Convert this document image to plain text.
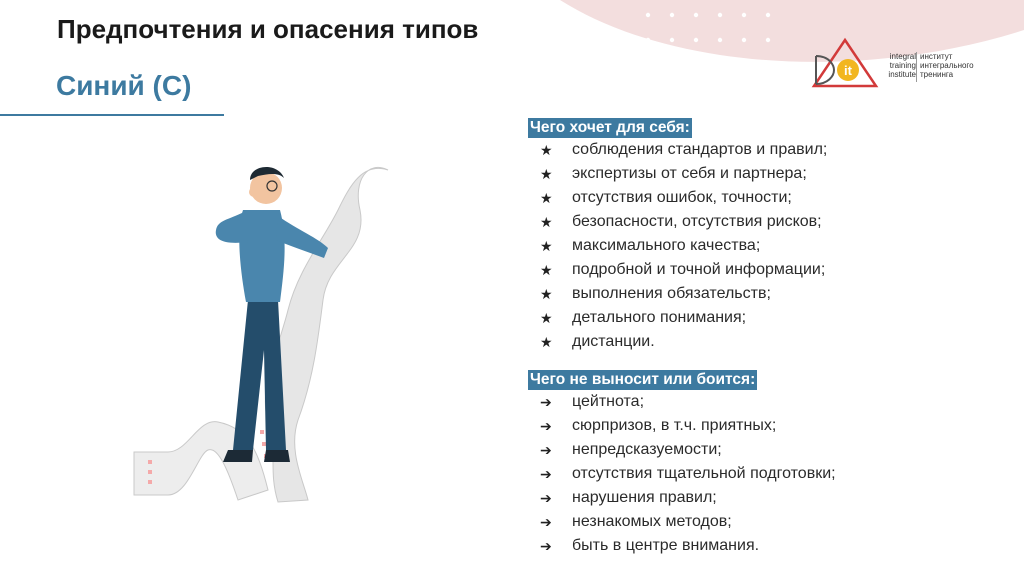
Предпочтения и опасения типов
Синий (С)	it
integral
training
institute
институт
интегрального
тренинга
Чего хочет для себя:
★	соблюдения стандартов и правил;
★	экспертизы от себя и партнера;
★	отсутствия ошибок, точности;
★	безопасности, отсутствия рисков;
★	максимального качества;
★	подробной и точной информации;
★	выполнения обязательств;
★	детального понимания;
★	дистанции.
Чего не выносит или боится:
➔	цейтнота;
➔	сюрпризов, в т.ч. приятных;
➔	непредсказуемости;
➔	отсутствия тщательной подготовки;
➔	нарушения правил;
➔	незнакомых методов;
➔	быть в центре внимания.
